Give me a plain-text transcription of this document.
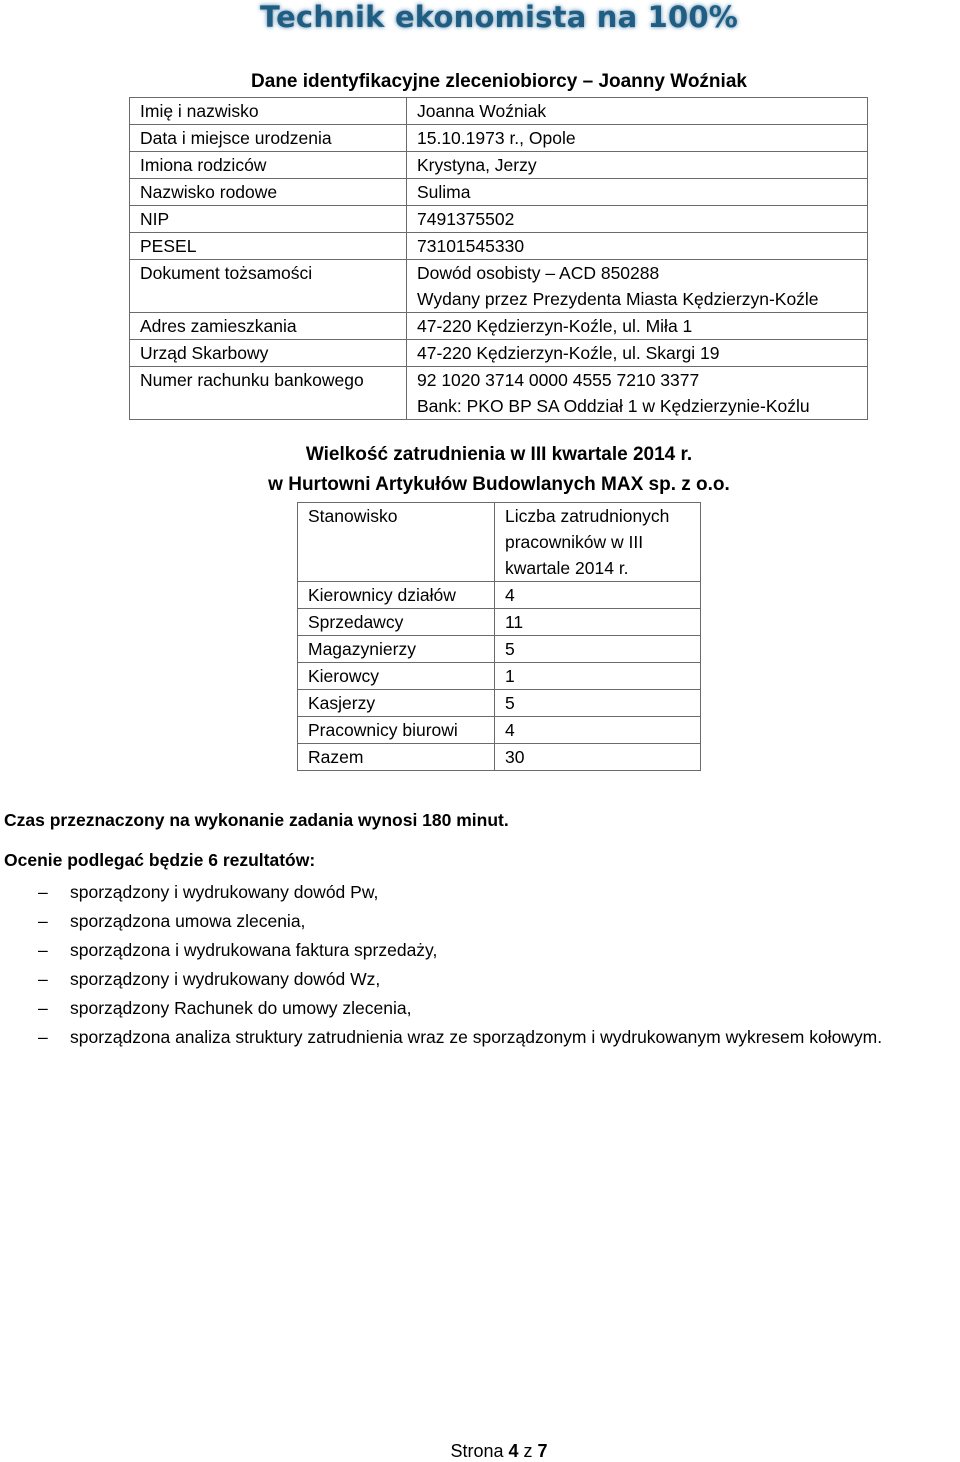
Technik ekonomista na 100%
Dane identyfikacyjne zleceniobiorcy – Joanny Woźniak
Imię i nazwisko	Joanna Woźniak
Data i miejsce urodzenia	15.10.1973 r., Opole
Imiona rodziców	Krystyna, Jerzy
Nazwisko rodowe	Sulima
NIP	7491375502
PESEL	73101545330
Dokument tożsamości	Dowód osobisty – ACD 850288
Wydany przez Prezydenta Miasta Kędzierzyn-Koźle

Adres zamieszkania	47-220 Kędzierzyn-Koźle, ul. Miła 1
Urząd Skarbowy	47-220 Kędzierzyn-Koźle, ul. Skargi 19
Numer rachunku bankowego	92 1020 3714 0000 4555 7210 3377
Bank: PKO BP SA Oddział 1 w Kędzierzynie-Koźlu
Wielkość zatrudnienia w III kwartale 2014 r.
w Hurtowni Artykułów Budowlanych MAX sp. z o.o.
Stanowisko	Liczba zatrudnionych pracowników w III kwartale 2014 r.
Kierownicy działów	4
Sprzedawcy	11
Magazynierzy	5
Kierowcy	1
Kasjerzy	5
Pracownicy biurowi	4
Razem	30
Czas przeznaczony na wykonanie zadania wynosi 180 minut.
Ocenie podlegać będzie 6 rezultatów:
– sporządzony i wydrukowany dowód Pw,
– sporządzona umowa zlecenia,
– sporządzona i wydrukowana faktura sprzedaży,
– sporządzony i wydrukowany dowód Wz,
– sporządzony Rachunek do umowy zlecenia,
– sporządzona analiza struktury zatrudnienia wraz ze sporządzonym i wydrukowanym wykresem kołowym.
Strona 4 z 7
